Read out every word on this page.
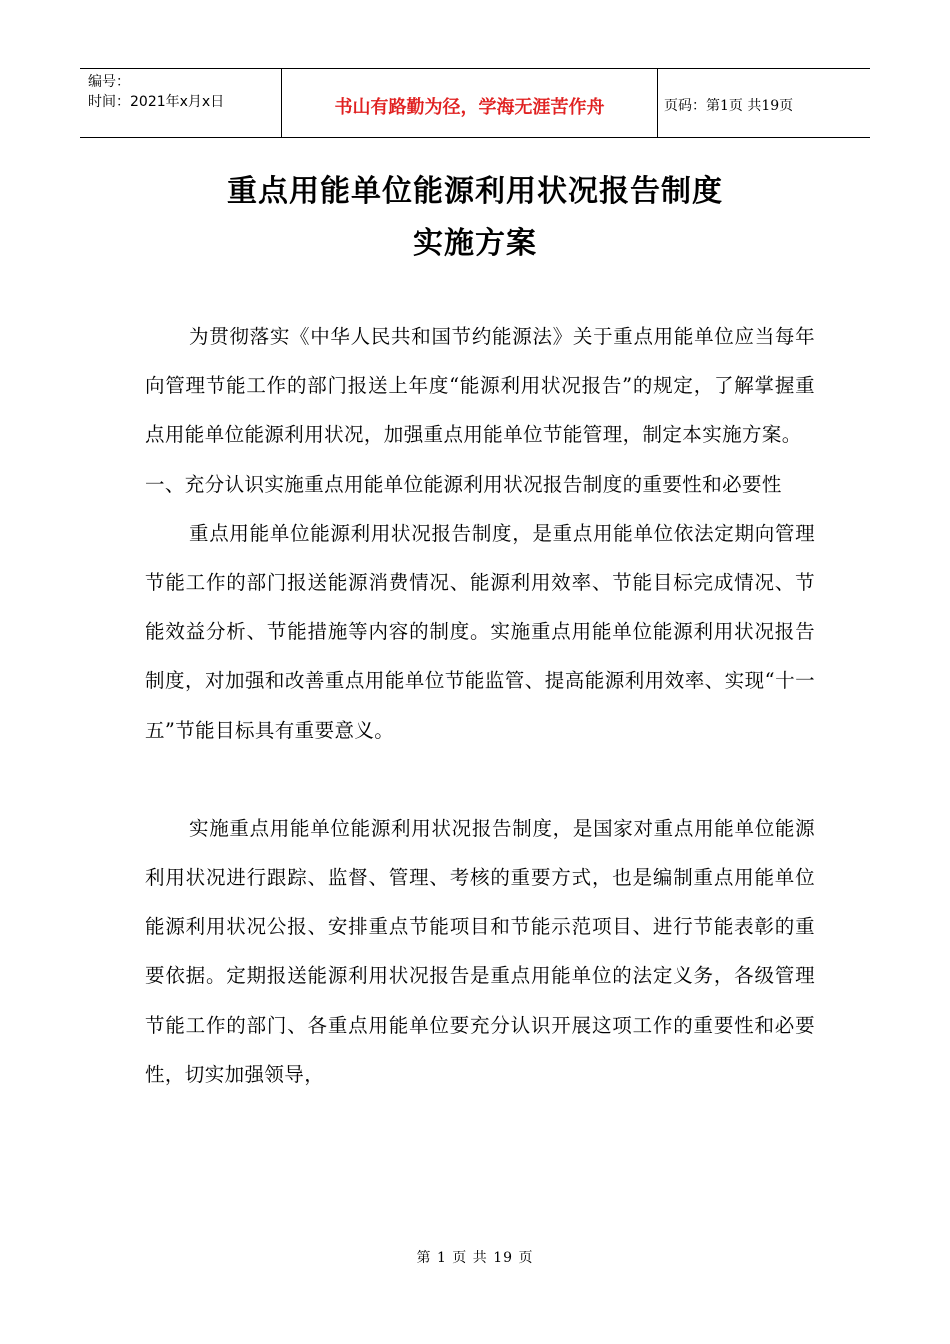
编号：
时间：2021年x月x日	书山有路勤为径，学海无涯苦作舟	页码：第1页 共19页
重点用能单位能源利用状况报告制度
实施方案

为贯彻落实《中华人民共和国节约能源法》关于重点用能单位应当每年向管理节能工作的部门报送上年度“能源利用状况报告”的规定，了解掌握重点用能单位能源利用状况，加强重点用能单位节能管理，制定本实施方案。

一、充分认识实施重点用能单位能源利用状况报告制度的重要性和必要性

重点用能单位能源利用状况报告制度，是重点用能单位依法定期向管理节能工作的部门报送能源消费情况、能源利用效率、节能目标完成情况、节能效益分析、节能措施等内容的制度。实施重点用能单位能源利用状况报告制度，对加强和改善重点用能单位节能监管、提高能源利用效率、实现“十一五”节能目标具有重要意义。

实施重点用能单位能源利用状况报告制度，是国家对重点用能单位能源利用状况进行跟踪、监督、管理、考核的重要方式，也是编制重点用能单位能源利用状况公报、安排重点节能项目和节能示范项目、进行节能表彰的重要依据。定期报送能源利用状况报告是重点用能单位的法定义务，各级管理节能工作的部门、各重点用能单位要充分认识开展这项工作的重要性和必要性，切实加强领导，

第 1 页 共 19 页
